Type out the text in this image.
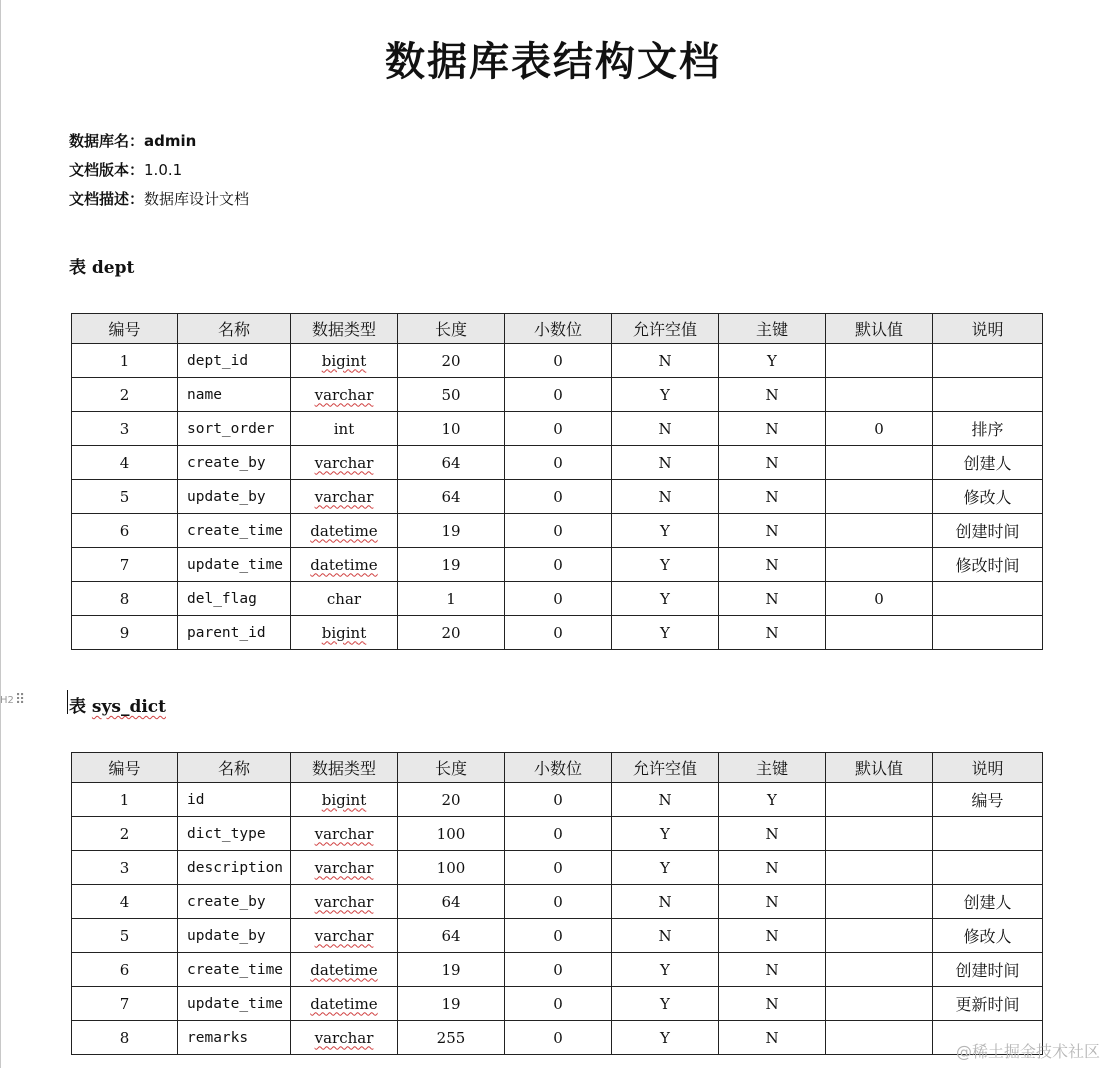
数据库表结构文档
数据库名：admin
文档版本：1.0.1
文档描述：数据库设计文档
表 dept
编号	名称	数据类型	长度	小数位	允许空值	主键	默认值	说明
1	dept_id	bigint	20	0	N	Y		
2	name	varchar	50	0	Y	N		
3	sort_order	int	10	0	N	N	0	排序
4	create_by	varchar	64	0	N	N		创建人
5	update_by	varchar	64	0	N	N		修改人
6	create_time	datetime	19	0	Y	N		创建时间
7	update_time	datetime	19	0	Y	N		修改时间
8	del_flag	char	1	0	Y	N	0	
9	parent_id	bigint	20	0	Y	N		
H2 ⠿	表 sys_dict
编号	名称	数据类型	长度	小数位	允许空值	主键	默认值	说明
1	id	bigint	20	0	N	Y		编号
2	dict_type	varchar	100	0	Y	N		
3	description	varchar	100	0	Y	N		
4	create_by	varchar	64	0	N	N		创建人
5	update_by	varchar	64	0	N	N		修改人
6	create_time	datetime	19	0	Y	N		创建时间
7	update_time	datetime	19	0	Y	N		更新时间
8	remarks	varchar	255	0	Y	N		
@稀土掘金技术社区
